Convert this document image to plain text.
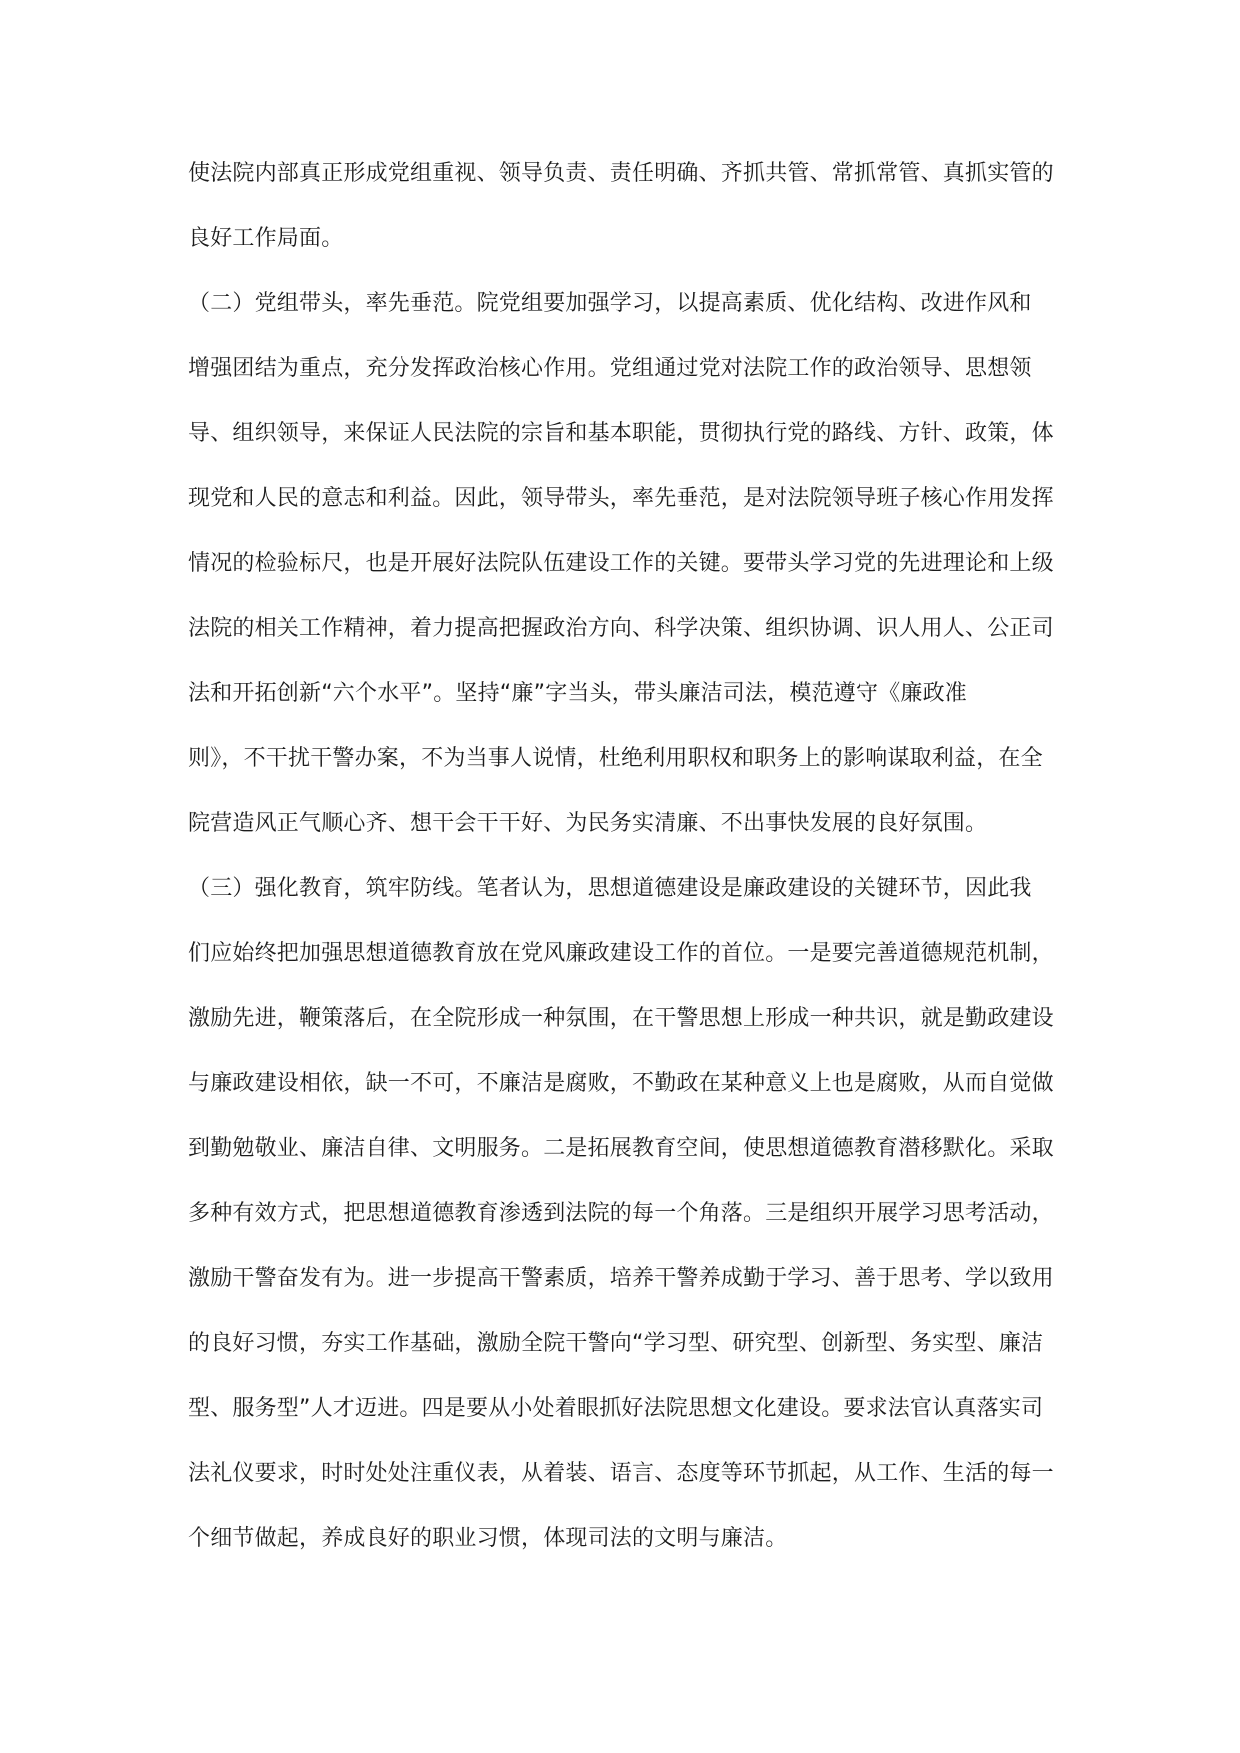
使法院内部真正形成党组重视、领导负责、责任明确、齐抓共管、常抓常管、真抓实管的
良好工作局面。
（二）党组带头，率先垂范。院党组要加强学习，以提高素质、优化结构、改进作风和
增强团结为重点，充分发挥政治核心作用。党组通过党对法院工作的政治领导、思想领
导、组织领导，来保证人民法院的宗旨和基本职能，贯彻执行党的路线、方针、政策，体
现党和人民的意志和利益。因此，领导带头，率先垂范，是对法院领导班子核心作用发挥
情况的检验标尺，也是开展好法院队伍建设工作的关键。要带头学习党的先进理论和上级
法院的相关工作精神，着力提高把握政治方向、科学决策、组织协调、识人用人、公正司
法和开拓创新“六个水平”。坚持“廉”字当头，带头廉洁司法，模范遵守《廉政准
则》，不干扰干警办案，不为当事人说情，杜绝利用职权和职务上的影响谋取利益，在全
院营造风正气顺心齐、想干会干干好、为民务实清廉、不出事快发展的良好氛围。
（三）强化教育，筑牢防线。笔者认为，思想道德建设是廉政建设的关键环节，因此我
们应始终把加强思想道德教育放在党风廉政建设工作的首位。一是要完善道德规范机制，
激励先进，鞭策落后，在全院形成一种氛围，在干警思想上形成一种共识，就是勤政建设
与廉政建设相依，缺一不可，不廉洁是腐败，不勤政在某种意义上也是腐败，从而自觉做
到勤勉敬业、廉洁自律、文明服务。二是拓展教育空间，使思想道德教育潜移默化。采取
多种有效方式，把思想道德教育渗透到法院的每一个角落。三是组织开展学习思考活动，
激励干警奋发有为。进一步提高干警素质，培养干警养成勤于学习、善于思考、学以致用
的良好习惯，夯实工作基础，激励全院干警向“学习型、研究型、创新型、务实型、廉洁
型、服务型”人才迈进。四是要从小处着眼抓好法院思想文化建设。要求法官认真落实司
法礼仪要求，时时处处注重仪表，从着装、语言、态度等环节抓起，从工作、生活的每一
个细节做起，养成良好的职业习惯，体现司法的文明与廉洁。
